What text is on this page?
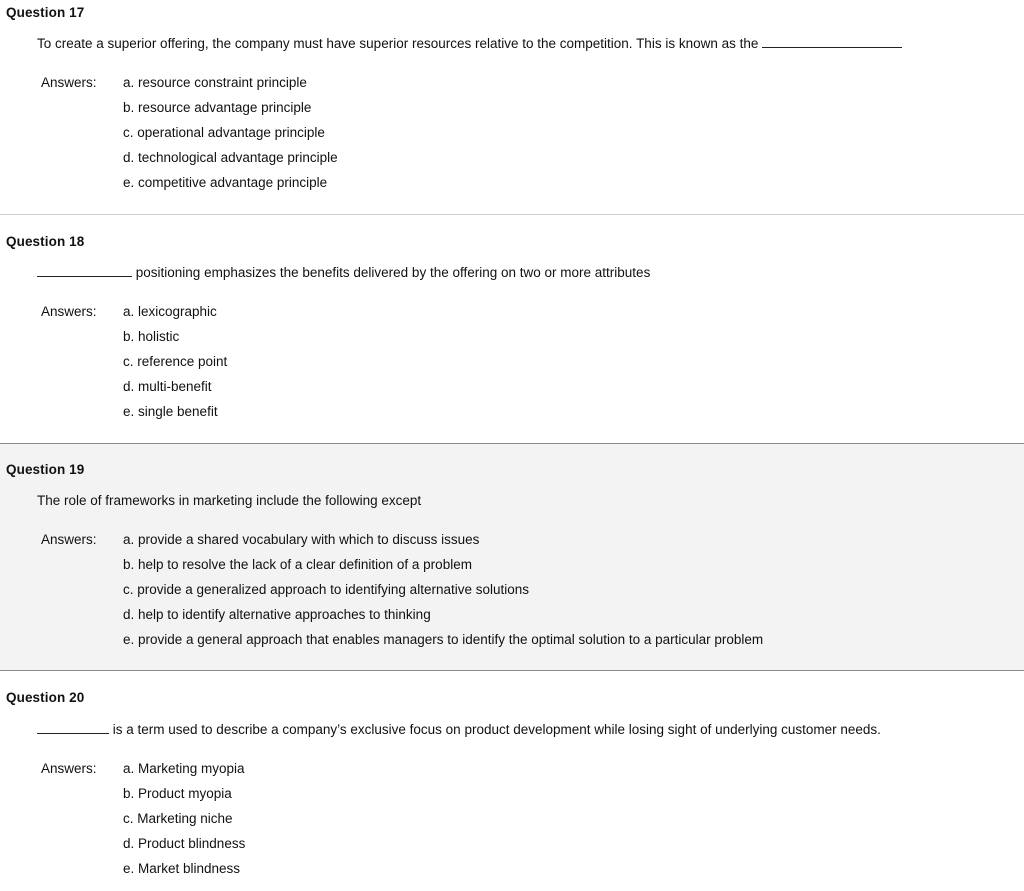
Question 17
To create a superior offering, the company must have superior resources relative to the competition. This is known as the
Answers: a. resource constraint principle
b. resource advantage principle
c. operational advantage principle
d. technological advantage principle
e. competitive advantage principle
Question 18
positioning emphasizes the benefits delivered by the offering on two or more attributes
Answers: a. lexicographic
b. holistic
c. reference point
d. multi-benefit
e. single benefit
Question 19
The role of frameworks in marketing include the following except
Answers: a. provide a shared vocabulary with which to discuss issues
b. help to resolve the lack of a clear definition of a problem
c. provide a generalized approach to identifying alternative solutions
d. help to identify alternative approaches to thinking
e. provide a general approach that enables managers to identify the optimal solution to a particular problem
Question 20
is a term used to describe a company’s exclusive focus on product development while losing sight of underlying customer needs.
Answers: a. Marketing myopia
b. Product myopia
c. Marketing niche
d. Product blindness
e. Market blindness
